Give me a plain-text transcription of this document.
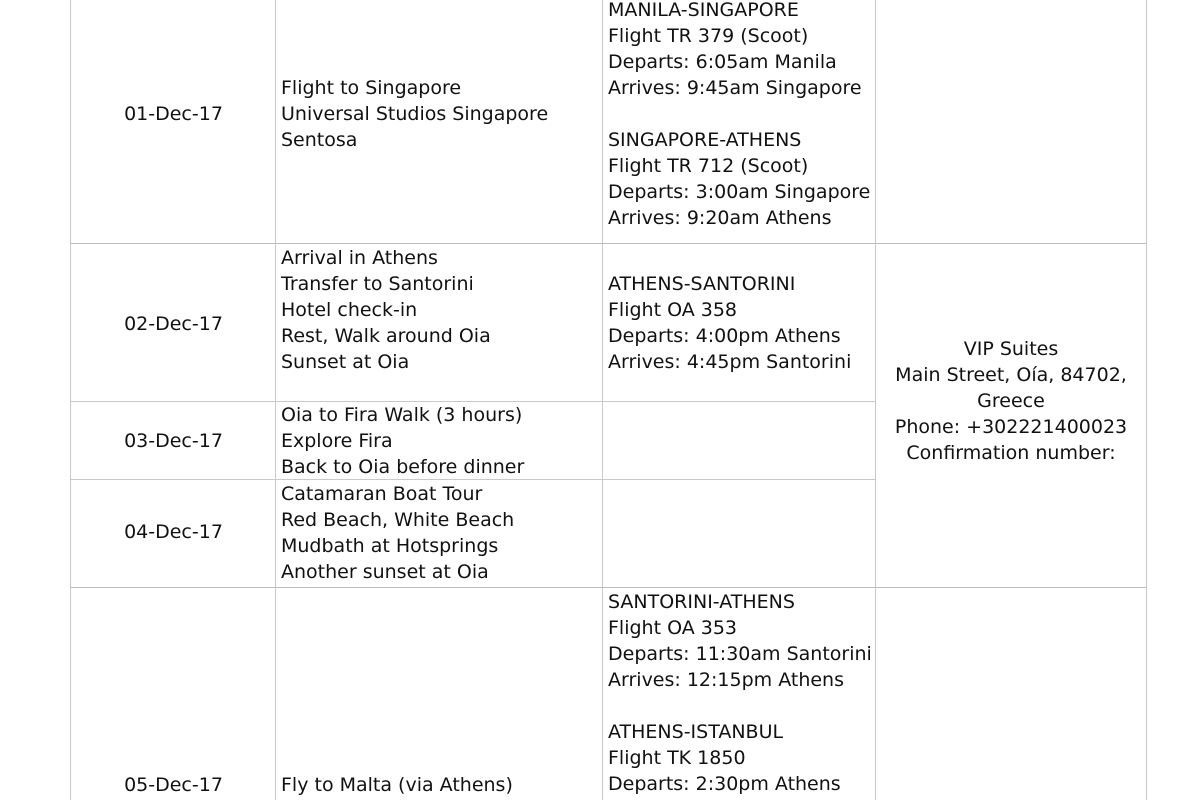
01-Dec-17
Flight to Singapore
Universal Studios Singapore
Sentosa
MANILA-SINGAPORE
Flight TR 379 (Scoot)
Departs: 6:05am Manila
Arrives: 9:45am Singapore
SINGAPORE-ATHENS
Flight TR 712 (Scoot)
Departs: 3:00am Singapore
Arrives: 9:20am Athens
02-Dec-17
Arrival in Athens
Transfer to Santorini
Hotel check-in
Rest, Walk around Oia
Sunset at Oia
ATHENS-SANTORINI
Flight OA 358
Departs: 4:00pm Athens
Arrives: 4:45pm Santorini
03-Dec-17
Oia to Fira Walk (3 hours)
Explore Fira
Back to Oia before dinner
04-Dec-17
Catamaran Boat Tour
Red Beach, White Beach
Mudbath at Hotsprings
Another sunset at Oia
VIP Suites
Main Street, Oía, 84702,
Greece
Phone: +302221400023
Confirmation number:
05-Dec-17	Fly to Malta (via Athens)
SANTORINI-ATHENS
Flight OA 353
Departs: 11:30am Santorini
Arrives: 12:15pm Athens
ATHENS-ISTANBUL
Flight TK 1850
Departs: 2:30pm Athens
